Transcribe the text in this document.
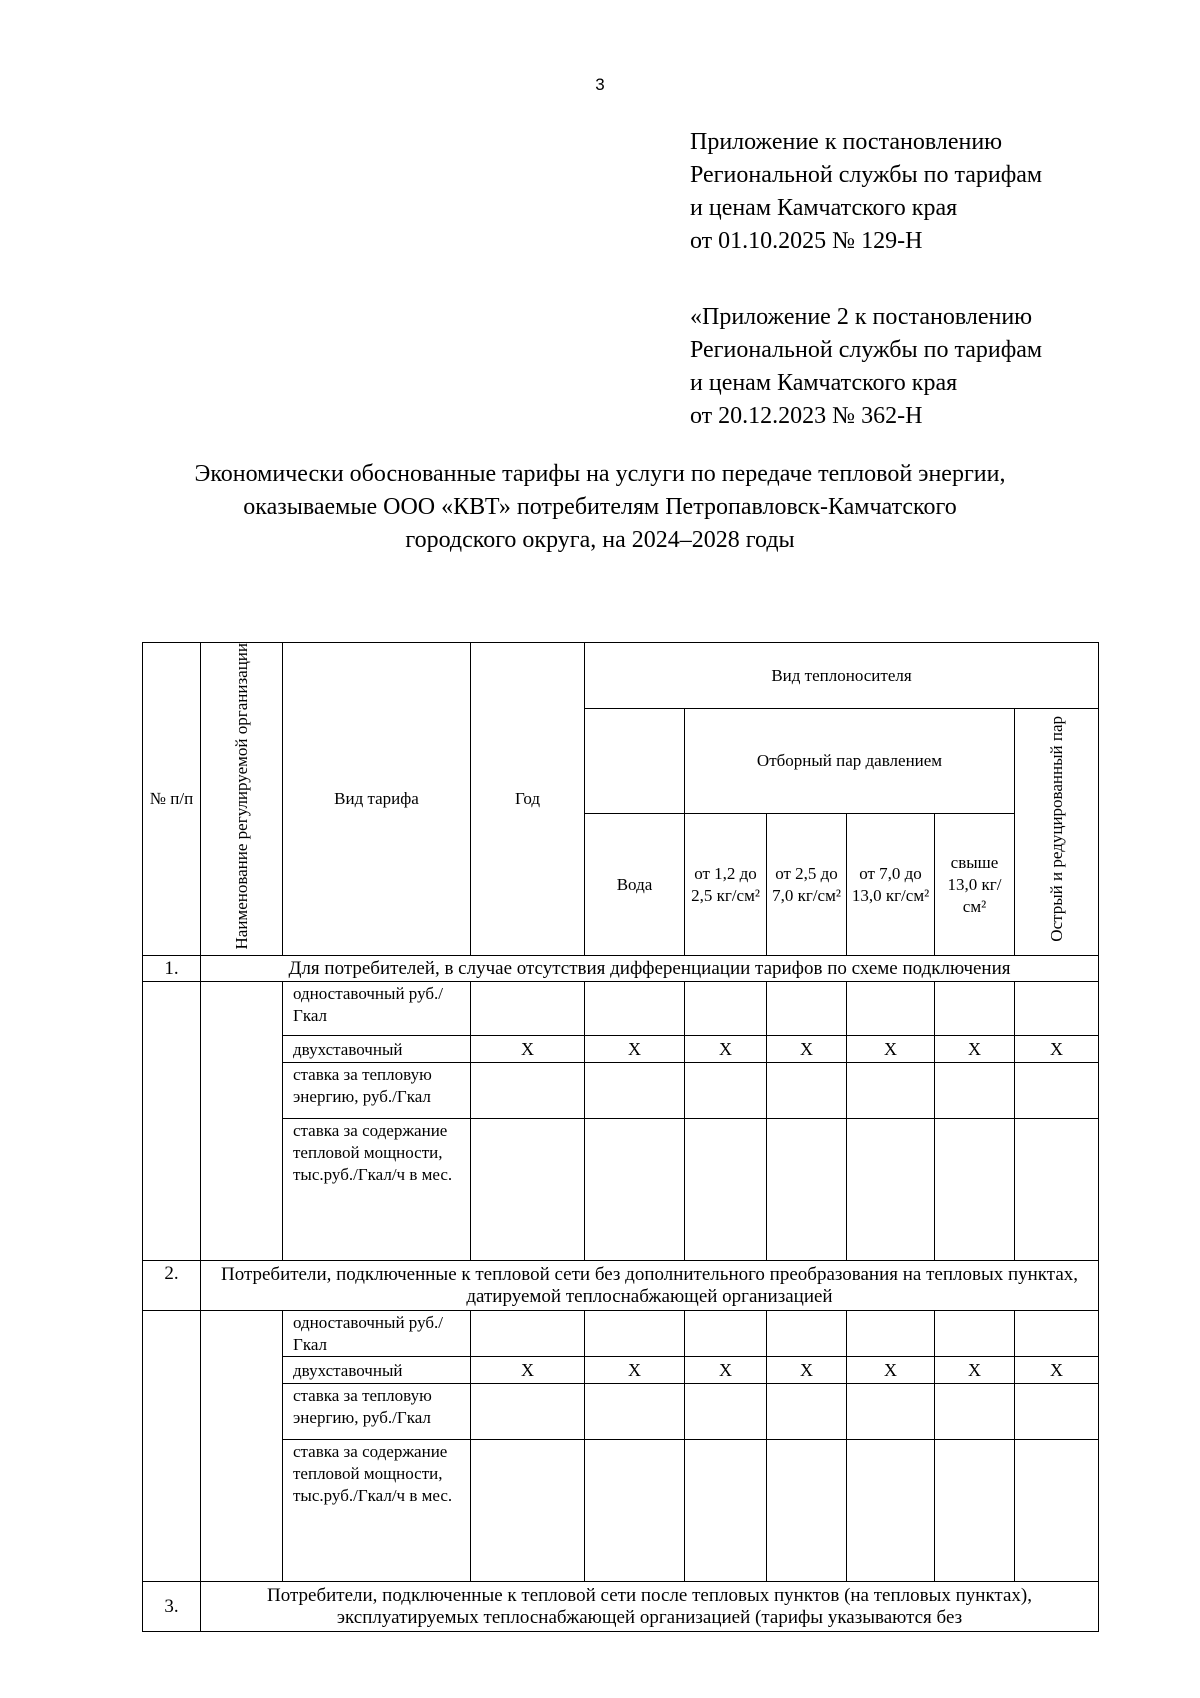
3
Приложение к постановлению
Региональной службы по тарифам
и ценам Камчатского края
от 01.10.2025 № 129-Н
«Приложение 2 к постановлению
Региональной службы по тарифам
и ценам Камчатского края
от 20.12.2023 № 362-Н
Экономически обоснованные тарифы на услуги по передаче тепловой энергии,
оказываемые ООО «КВТ» потребителям Петропавловск-Камчатского
городского округа, на 2024–2028 годы
№ п/п	Наименование регулируемой организации	Вид тарифа	Год	Вид теплоносителя					
					Отборный пар давлением				Острый и редуцированный пар
				Вода	от 1,2 до 2,5 кг/см²	от 2,5 до 7,0 кг/см²	от 7,0 до 13,0 кг/см²	свыше 13,0 кг/см²	
1.	Для потребителей, в случае отсутствия дифференциации тарифов по схеме подключения								
		одноставочный руб./Гкал							
		двухставочный	Х	Х	Х	Х	Х	Х	Х
		ставка за тепловую энергию, руб./Гкал							
		ставка за содержание тепловой мощности, тыс.руб./Гкал/ч в мес.							
2.	Потребители, подключенные к тепловой сети без дополнительного преобразования на тепловых пунктах, датируемой теплоснабжающей организацией								
		одноставочный руб./Гкал							
		двухставочный	Х	Х	Х	Х	Х	Х	Х
		ставка за тепловую энергию, руб./Гкал							
		ставка за содержание тепловой мощности, тыс.руб./Гкал/ч в мес.							
3.	Потребители, подключенные к тепловой сети после тепловых пунктов (на тепловых пунктах), эксплуатируемых теплоснабжающей организацией (тарифы указываются без								
